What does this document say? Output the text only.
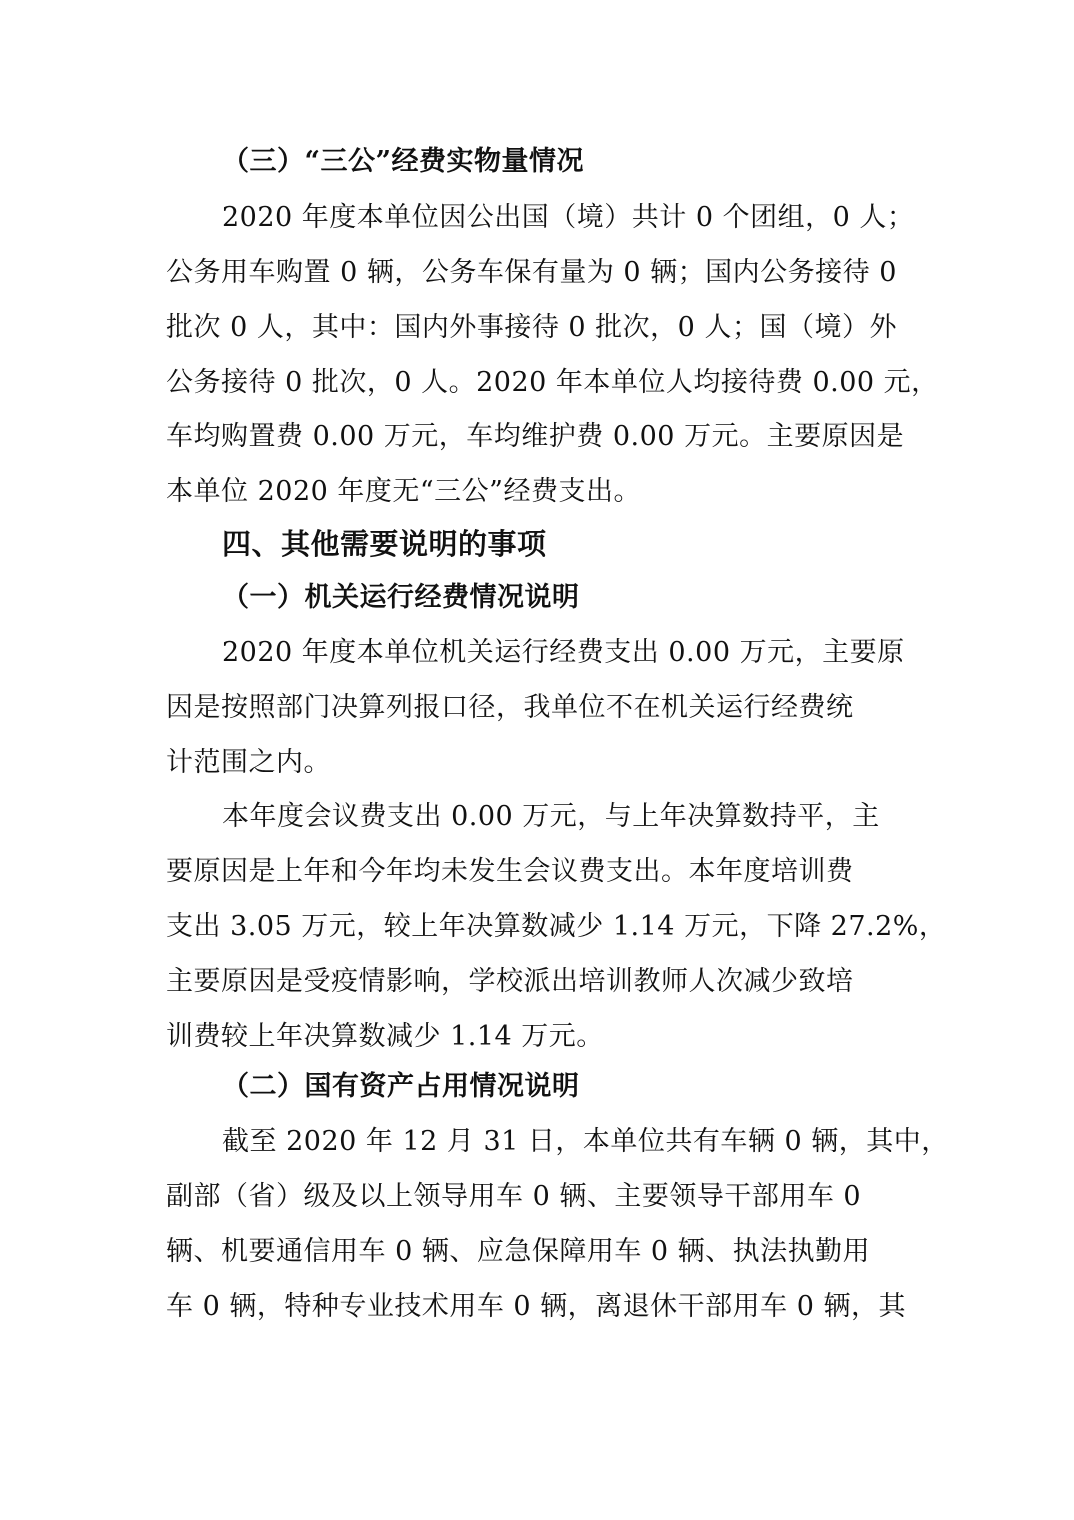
（三）“三公”经费实物量情况
2020 年度本单位因公出国（境）共计 0 个团组，0 人；
公务用车购置 0 辆，公务车保有量为 0 辆；国内公务接待 0
批次 0 人，其中：国内外事接待 0 批次，0 人；国（境）外
公务接待 0 批次，0 人。2020 年本单位人均接待费 0.00 元，
车均购置费 0.00 万元，车均维护费 0.00 万元。主要原因是
本单位 2020 年度无“三公”经费支出。
四、其他需要说明的事项
（一）机关运行经费情况说明
2020 年度本单位机关运行经费支出 0.00 万元，主要原
因是按照部门决算列报口径，我单位不在机关运行经费统
计范围之内。
本年度会议费支出 0.00 万元，与上年决算数持平，主
要原因是上年和今年均未发生会议费支出。本年度培训费
支出 3.05 万元，较上年决算数减少 1.14 万元，下降 27.2%，
主要原因是受疫情影响，学校派出培训教师人次减少致培
训费较上年决算数减少 1.14 万元。
（二）国有资产占用情况说明
截至 2020 年 12 月 31 日，本单位共有车辆 0 辆，其中，
副部（省）级及以上领导用车 0 辆、主要领导干部用车 0
辆、机要通信用车 0 辆、应急保障用车 0 辆、执法执勤用
车 0 辆，特种专业技术用车 0 辆，离退休干部用车 0 辆，其
